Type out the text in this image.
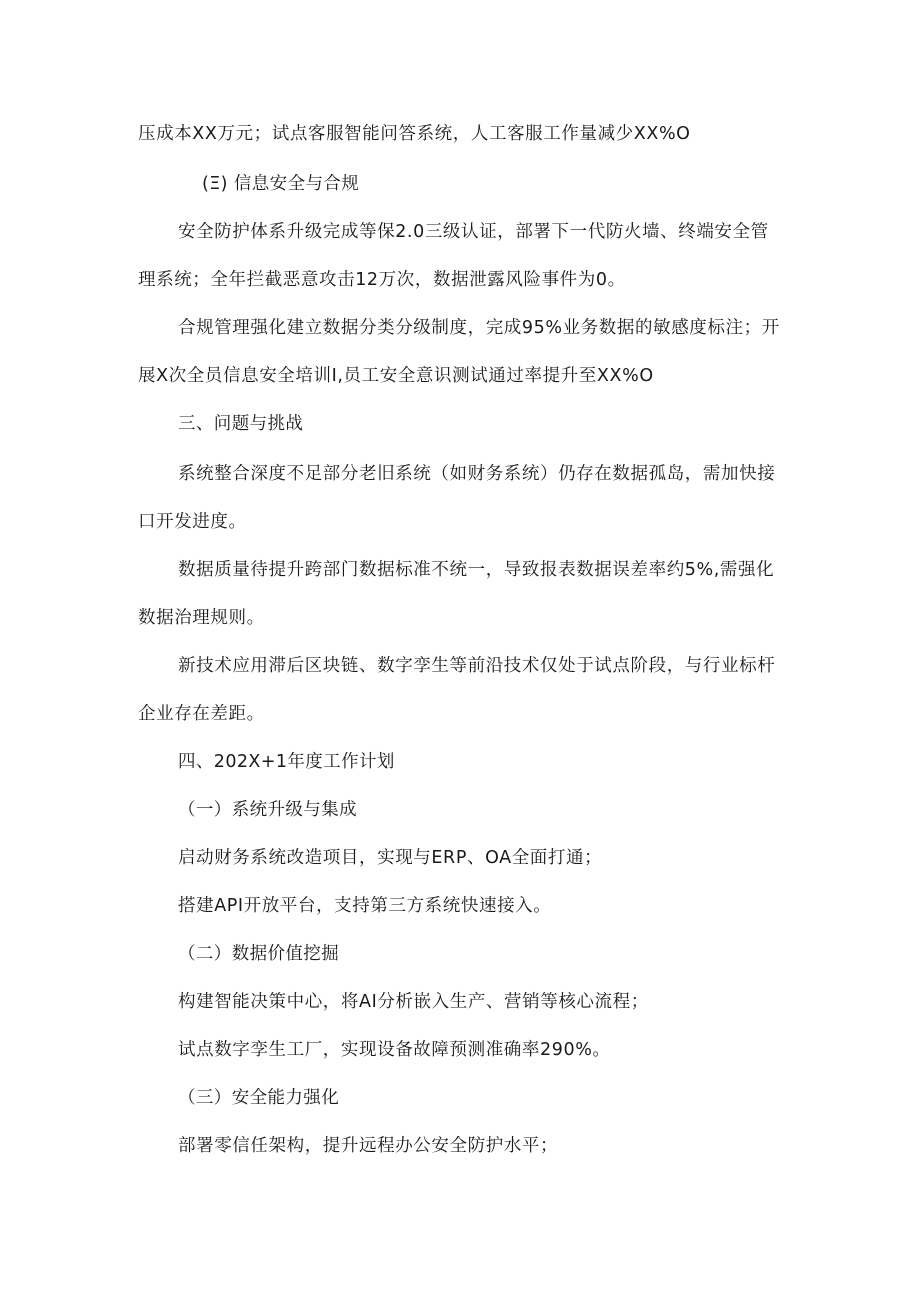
压成本XX万元；试点客服智能问答系统，人工客服工作量减少XX%O
(Ξ) 信息安全与合规
安全防护体系升级完成等保2.0三级认证，部署下一代防火墙、终端安全管
理系统；全年拦截恶意攻击12万次，数据泄露风险事件为0。
合规管理强化建立数据分类分级制度，完成95%业务数据的敏感度标注；开
展X次全员信息安全培训I,员工安全意识测试通过率提升至XX%O
三、问题与挑战
系统整合深度不足部分老旧系统（如财务系统）仍存在数据孤岛，需加快接
口开发进度。
数据质量待提升跨部门数据标准不统一，导致报表数据误差率约5%,需强化
数据治理规则。
新技术应用滞后区块链、数字孪生等前沿技术仅处于试点阶段，与行业标杆
企业存在差距。
四、202X+1年度工作计划
（一）系统升级与集成
启动财务系统改造项目，实现与ERP、OA全面打通；
搭建API开放平台，支持第三方系统快速接入。
（二）数据价值挖掘
构建智能决策中心，将AI分析嵌入生产、营销等核心流程；
试点数字孪生工厂，实现设备故障预测准确率290%。
（三）安全能力强化
部署零信任架构，提升远程办公安全防护水平；
